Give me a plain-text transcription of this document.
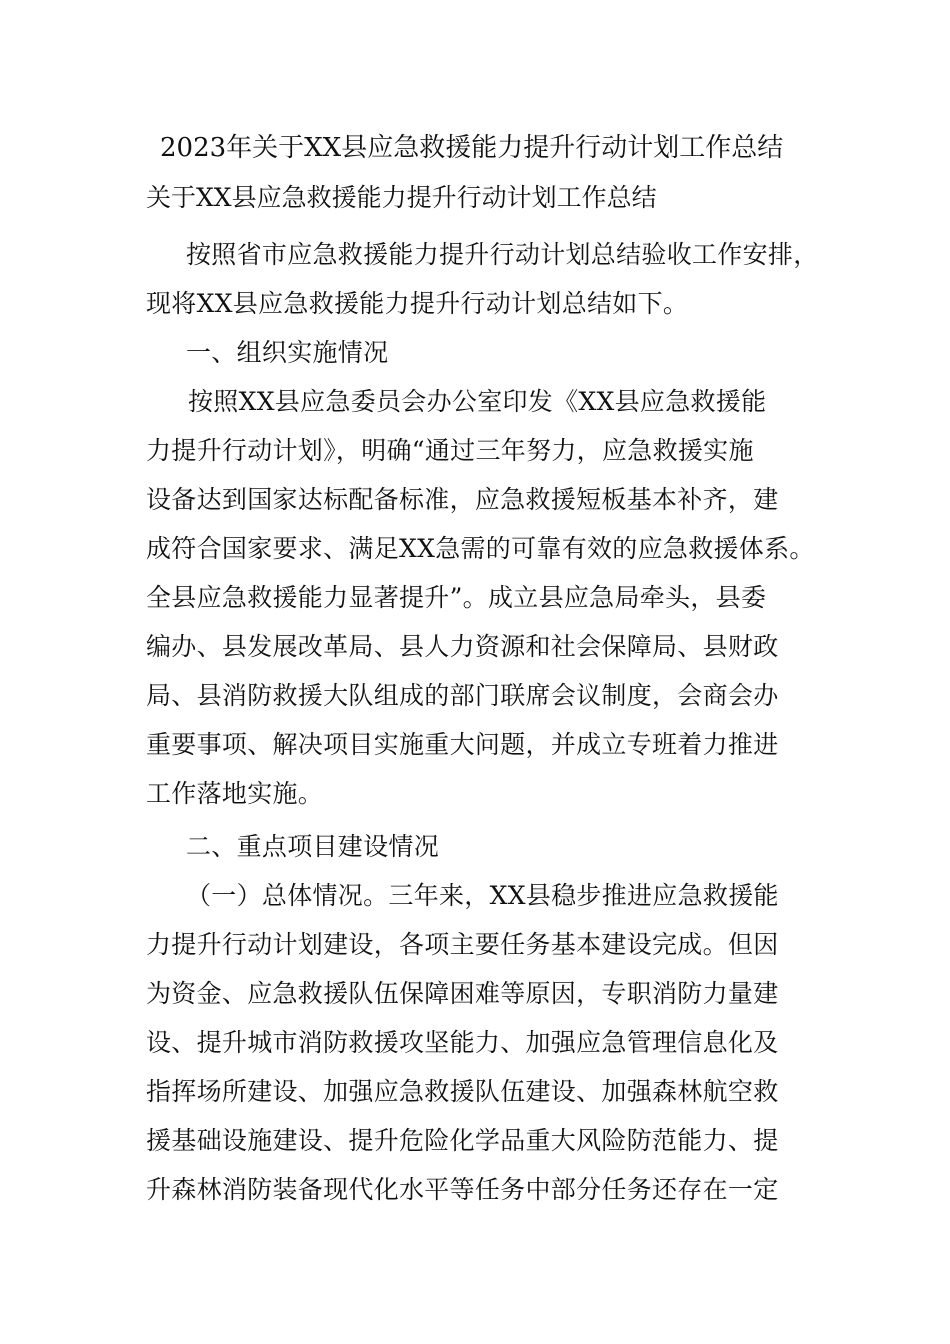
2023年关于XX县应急救援能力提升行动计划工作总结
关于XX县应急救援能力提升行动计划工作总结
按照省市应急救援能力提升行动计划总结验收工作安排，
现将XX县应急救援能力提升行动计划总结如下。
一、组织实施情况
按照XX县应急委员会办公室印发《XX县应急救援能
力提升行动计划》，明确“通过三年努力，应急救援实施
设备达到国家达标配备标准，应急救援短板基本补齐，建
成符合国家要求、满足XX急需的可靠有效的应急救援体系。
全县应急救援能力显著提升”。成立县应急局牵头，县委
编办、县发展改革局、县人力资源和社会保障局、县财政
局、县消防救援大队组成的部门联席会议制度，会商会办
重要事项、解决项目实施重大问题，并成立专班着力推进
工作落地实施。
二、重点项目建设情况
（一）总体情况。三年来，XX县稳步推进应急救援能
力提升行动计划建设，各项主要任务基本建设完成。但因
为资金、应急救援队伍保障困难等原因，专职消防力量建
设、提升城市消防救援攻坚能力、加强应急管理信息化及
指挥场所建设、加强应急救援队伍建设、加强森林航空救
援基础设施建设、提升危险化学品重大风险防范能力、提
升森林消防装备现代化水平等任务中部分任务还存在一定
